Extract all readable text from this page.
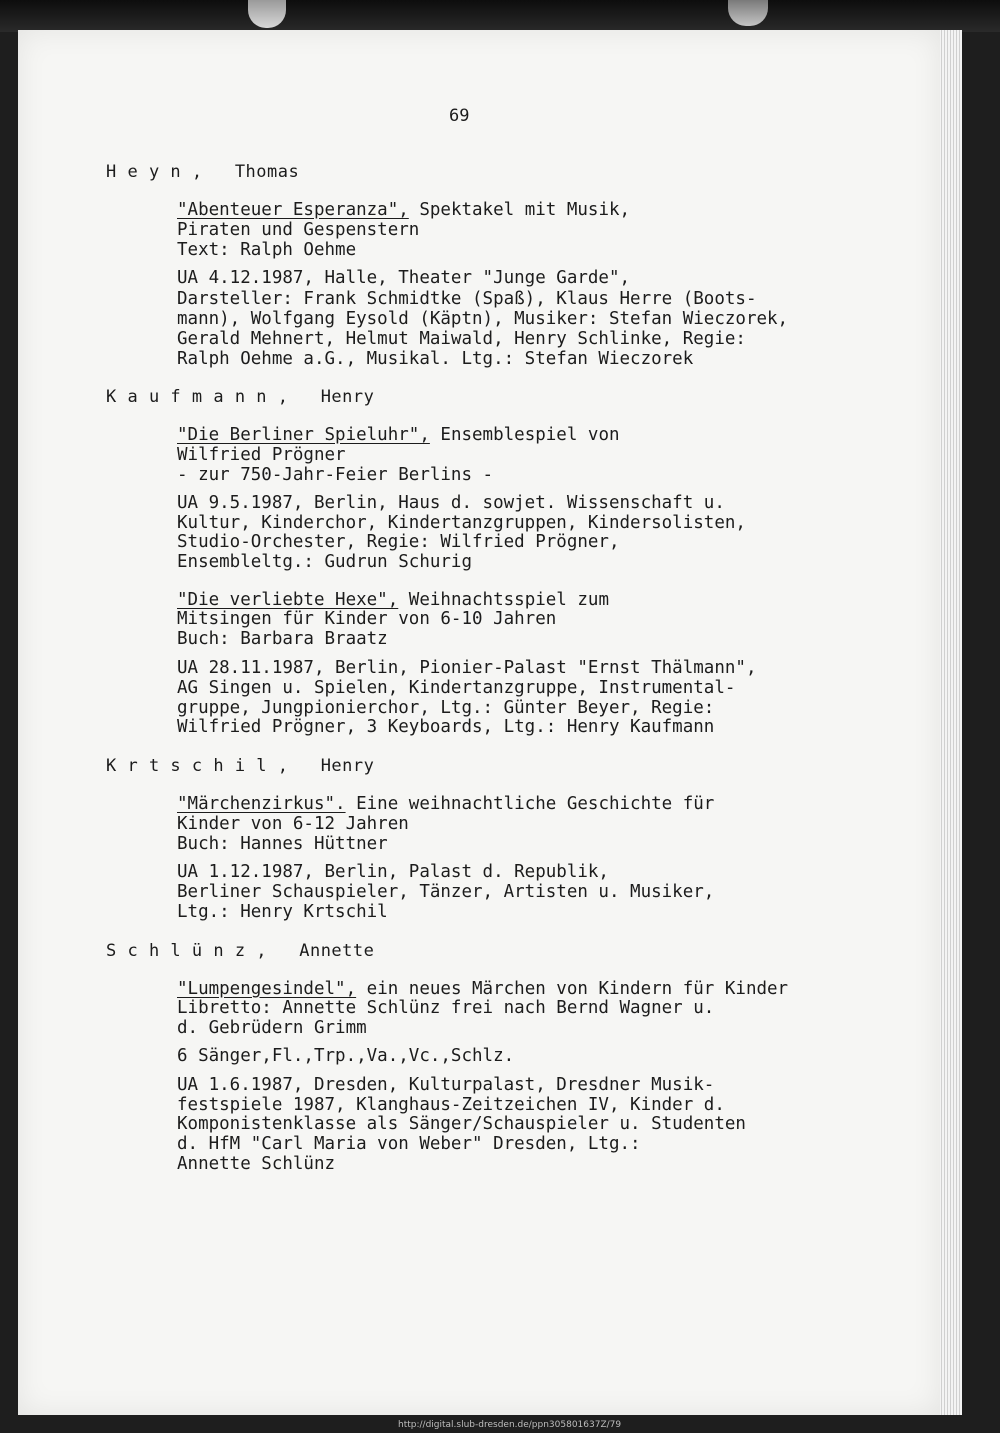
69
H e y n ,   Thomas
"Abenteuer Esperanza", Spektakel mit Musik,
Piraten und Gespenstern
Text: Ralph Oehme
UA 4.12.1987, Halle, Theater "Junge Garde",
Darsteller: Frank Schmidtke (Spaß), Klaus Herre (Boots-
mann), Wolfgang Eysold (Käptn), Musiker: Stefan Wieczorek,
Gerald Mehnert, Helmut Maiwald, Henry Schlinke, Regie:
Ralph Oehme a.G., Musikal. Ltg.: Stefan Wieczorek
K a u f m a n n ,   Henry
"Die Berliner Spieluhr", Ensemblespiel von
Wilfried Prögner
- zur 750-Jahr-Feier Berlins -
UA 9.5.1987, Berlin, Haus d. sowjet. Wissenschaft u.
Kultur, Kinderchor, Kindertanzgruppen, Kindersolisten,
Studio-Orchester, Regie: Wilfried Prögner,
Ensembleltg.: Gudrun Schurig
"Die verliebte Hexe", Weihnachtsspiel zum
Mitsingen für Kinder von 6-10 Jahren
Buch: Barbara Braatz
UA 28.11.1987, Berlin, Pionier-Palast "Ernst Thälmann",
AG Singen u. Spielen, Kindertanzgruppe, Instrumental-
gruppe, Jungpionierchor, Ltg.: Günter Beyer, Regie:
Wilfried Prögner, 3 Keyboards, Ltg.: Henry Kaufmann
K r t s c h i l ,   Henry
"Märchenzirkus". Eine weihnachtliche Geschichte für
Kinder von 6-12 Jahren
Buch: Hannes Hüttner
UA 1.12.1987, Berlin, Palast d. Republik,
Berliner Schauspieler, Tänzer, Artisten u. Musiker,
Ltg.: Henry Krtschil
S c h l ü n z ,   Annette
"Lumpengesindel", ein neues Märchen von Kindern für Kinder
Libretto: Annette Schlünz frei nach Bernd Wagner u.
d. Gebrüdern Grimm
6 Sänger,Fl.,Trp.,Va.,Vc.,Schlz.
UA 1.6.1987, Dresden, Kulturpalast, Dresdner Musik-
festspiele 1987, Klanghaus-Zeitzeichen IV, Kinder d.
Komponistenklasse als Sänger/Schauspieler u. Studenten
d. HfM "Carl Maria von Weber" Dresden, Ltg.:
Annette Schlünz
http://digital.slub-dresden.de/ppn305801637Z/79
